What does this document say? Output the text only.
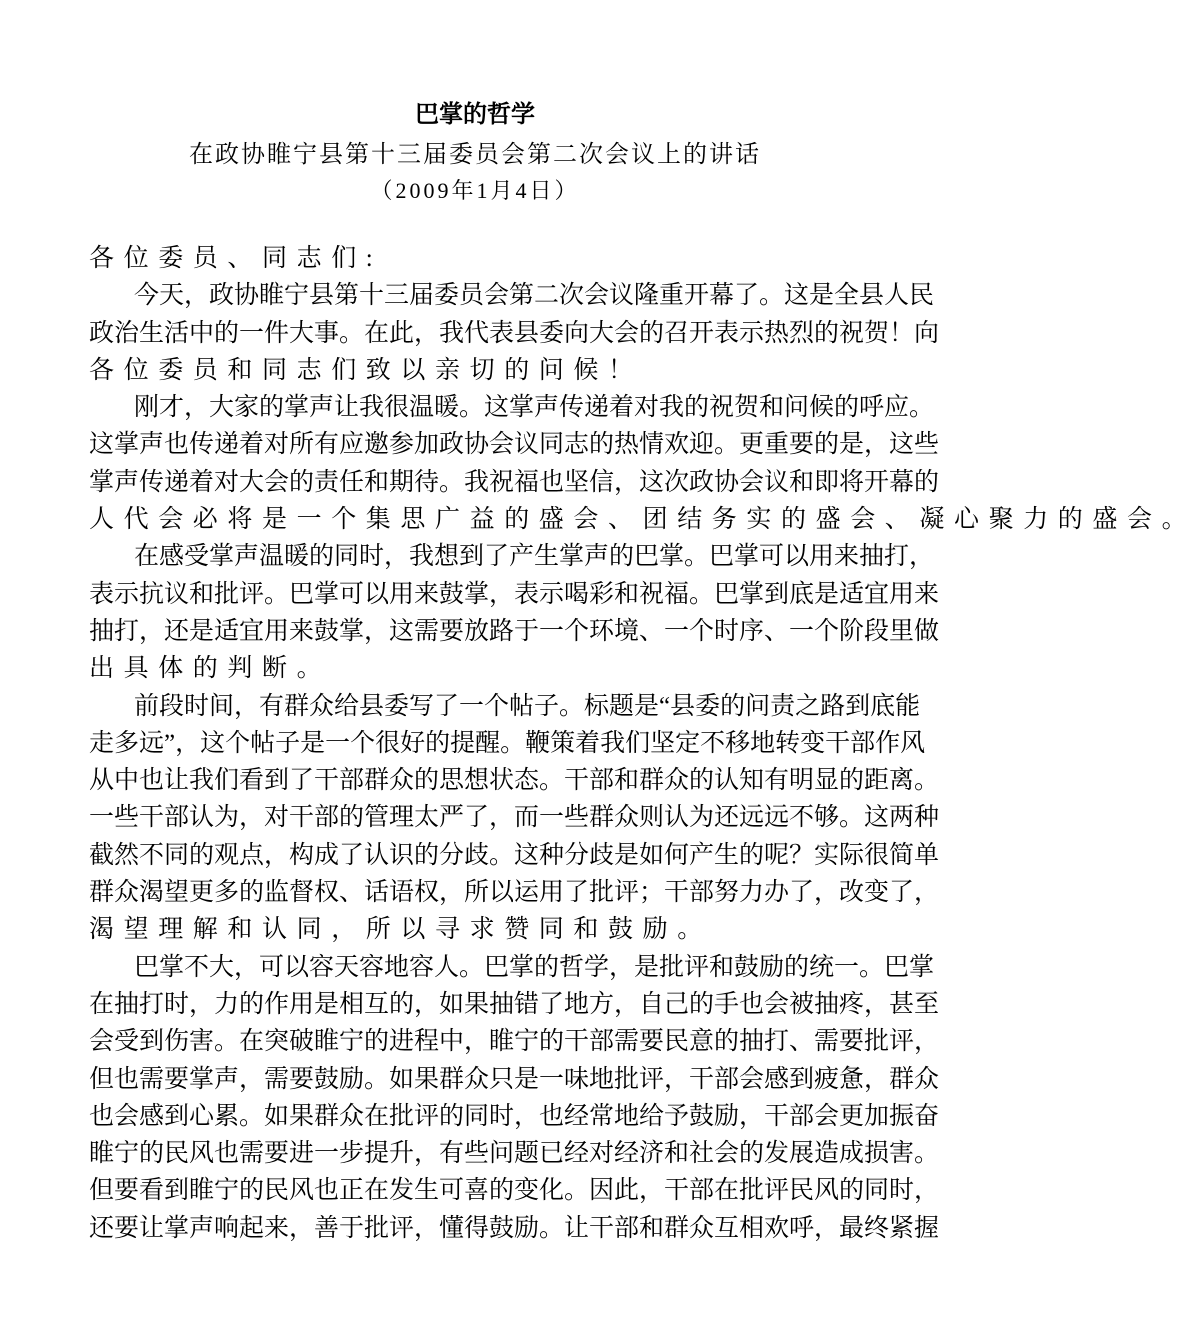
巴掌的哲学
在政协睢宁县第十三届委员会第二次会议上的讲话
（2009年1月4日）
各位委员、同志们:
今天，政协睢宁县第十三届委员会第二次会议隆重开幕了。这是全县人民
政治生活中的一件大事。在此，我代表县委向大会的召开表示热烈的祝贺！向
各位委员和同志们致以亲切的问候！
刚才，大家的掌声让我很温暖。这掌声传递着对我的祝贺和问候的呼应。
这掌声也传递着对所有应邀参加政协会议同志的热情欢迎。更重要的是，这些
掌声传递着对大会的责任和期待。我祝福也坚信，这次政协会议和即将开幕的
人代会必将是一个集思广益的盛会、团结务实的盛会、凝心聚力的盛会。
在感受掌声温暖的同时，我想到了产生掌声的巴掌。巴掌可以用来抽打，
表示抗议和批评。巴掌可以用来鼓掌，表示喝彩和祝福。巴掌到底是适宜用来
抽打，还是适宜用来鼓掌，这需要放路于一个环境、一个时序、一个阶段里做
出具体的判断。
前段时间，有群众给县委写了一个帖子。标题是“县委的问责之路到底能
走多远”，这个帖子是一个很好的提醒。鞭策着我们坚定不移地转变干部作风
从中也让我们看到了干部群众的思想状态。干部和群众的认知有明显的距离。
一些干部认为，对干部的管理太严了，而一些群众则认为还远远不够。这两种
截然不同的观点，构成了认识的分歧。这种分歧是如何产生的呢？实际很简单
群众渴望更多的监督权、话语权，所以运用了批评；干部努力办了，改变了，
渴望理解和认同，所以寻求赞同和鼓励。
巴掌不大，可以容天容地容人。巴掌的哲学，是批评和鼓励的统一。巴掌
在抽打时，力的作用是相互的，如果抽错了地方，自己的手也会被抽疼，甚至
会受到伤害。在突破睢宁的进程中，睢宁的干部需要民意的抽打、需要批评，
但也需要掌声，需要鼓励。如果群众只是一味地批评，干部会感到疲惫，群众
也会感到心累。如果群众在批评的同时，也经常地给予鼓励，干部会更加振奋
睢宁的民风也需要进一步提升，有些问题已经对经济和社会的发展造成损害。
但要看到睢宁的民风也正在发生可喜的变化。因此，干部在批评民风的同时，
还要让掌声响起来，善于批评，懂得鼓励。让干部和群众互相欢呼，最终紧握
